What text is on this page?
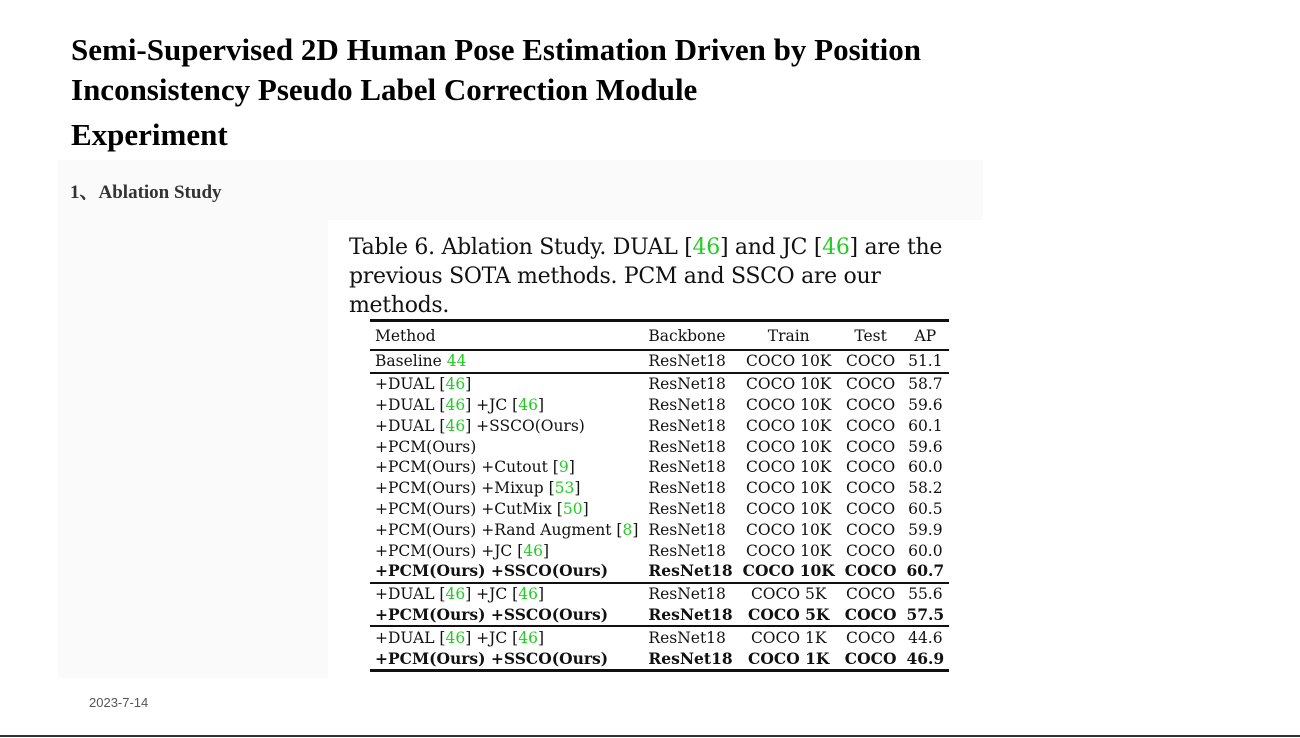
Semi-Supervised 2D Human Pose Estimation Driven by Position Inconsistency Pseudo Label Correction Module
Experiment
1、Ablation Study
Table 6. Ablation Study. DUAL [46] and JC [46] are the previous SOTA methods. PCM and SSCO are our methods.
Method	Backbone	Train	Test	AP
Baseline 44	ResNet18	COCO 10K	COCO	51.1
+DUAL [46]	ResNet18	COCO 10K	COCO	58.7
+DUAL [46] +JC [46]	ResNet18	COCO 10K	COCO	59.6
+DUAL [46] +SSCO(Ours)	ResNet18	COCO 10K	COCO	60.1
+PCM(Ours)	ResNet18	COCO 10K	COCO	59.6
+PCM(Ours) +Cutout [9]	ResNet18	COCO 10K	COCO	60.0
+PCM(Ours) +Mixup [53]	ResNet18	COCO 10K	COCO	58.2
+PCM(Ours) +CutMix [50]	ResNet18	COCO 10K	COCO	60.5
+PCM(Ours) +Rand Augment [8]	ResNet18	COCO 10K	COCO	59.9
+PCM(Ours) +JC [46]	ResNet18	COCO 10K	COCO	60.0
+PCM(Ours) +SSCO(Ours)	ResNet18	COCO 10K	COCO	60.7
+DUAL [46] +JC [46]	ResNet18	COCO 5K	COCO	55.6
+PCM(Ours) +SSCO(Ours)	ResNet18	COCO 5K	COCO	57.5
+DUAL [46] +JC [46]	ResNet18	COCO 1K	COCO	44.6
+PCM(Ours) +SSCO(Ours)	ResNet18	COCO 1K	COCO	46.9
2023-7-14
